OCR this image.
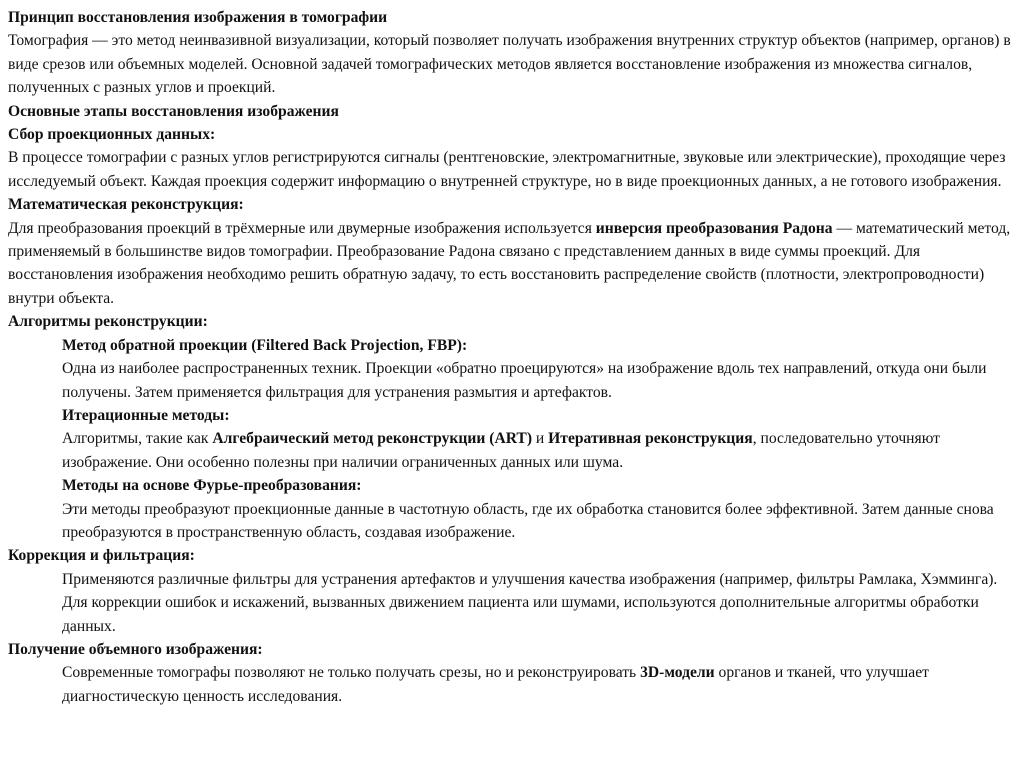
Принцип восстановления изображения в томографии

Томография — это метод неинвазивной визуализации, который позволяет получать изображения внутренних структур объектов (например, органов) в виде срезов или объемных моделей. Основной задачей томографических методов является восстановление изображения из множества сигналов, полученных с разных углов и проекций.

Основные этапы восстановления изображения

Сбор проекционных данных:

В процессе томографии с разных углов регистрируются сигналы (рентгеновские, электромагнитные, звуковые или электрические), проходящие через исследуемый объект. Каждая проекция содержит информацию о внутренней структуре, но в виде проекционных данных, а не готового изображения.

Математическая реконструкция:

Для преобразования проекций в трёхмерные или двумерные изображения используется инверсия преобразования Радона — математический метод, применяемый в большинстве видов томографии. Преобразование Радона связано с представлением данных в виде суммы проекций. Для восстановления изображения необходимо решить обратную задачу, то есть восстановить распределение свойств (плотности, электропроводности) внутри объекта.

Алгоритмы реконструкции:

Метод обратной проекции (Filtered Back Projection, FBP):

Одна из наиболее распространенных техник. Проекции «обратно проецируются» на изображение вдоль тех направлений, откуда они были получены. Затем применяется фильтрация для устранения размытия и артефактов.

Итерационные методы:

Алгоритмы, такие как Алгебраический метод реконструкции (ART) и Итеративная реконструкция, последовательно уточняют изображение. Они особенно полезны при наличии ограниченных данных или шума.

Методы на основе Фурье-преобразования:

Эти методы преобразуют проекционные данные в частотную область, где их обработка становится более эффективной. Затем данные снова преобразуются в пространственную область, создавая изображение.

Коррекция и фильтрация:

Применяются различные фильтры для устранения артефактов и улучшения качества изображения (например, фильтры Рамлака, Хэмминга).

Для коррекции ошибок и искажений, вызванных движением пациента или шумами, используются дополнительные алгоритмы обработки данных.

Получение объемного изображения:

Современные томографы позволяют не только получать срезы, но и реконструировать 3D-модели органов и тканей, что улучшает диагностическую ценность исследования.
